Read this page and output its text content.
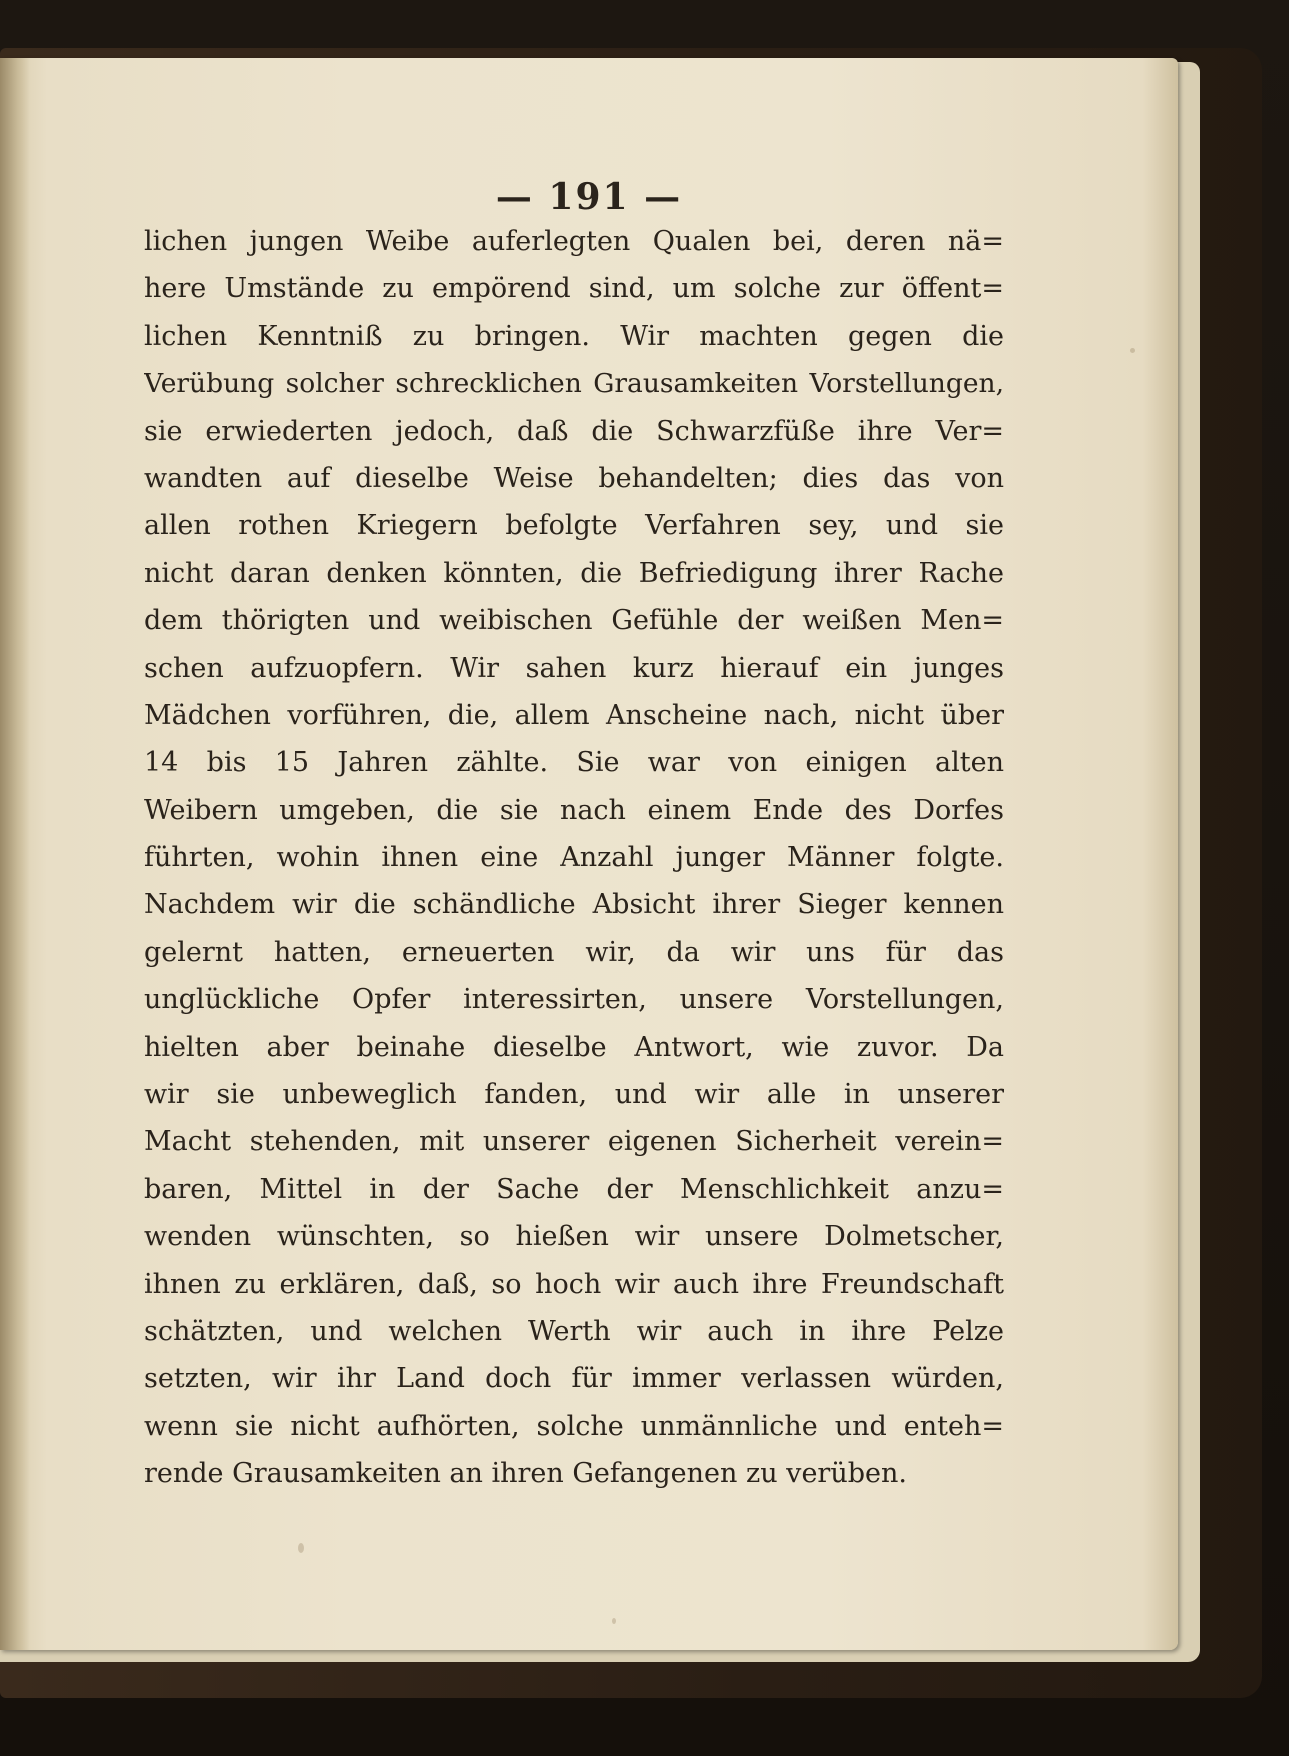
— 191 —
lichen jungen Weibe auferlegten Qualen bei, deren nä=
here Umstände zu empörend sind, um solche zur öffent=
lichen Kenntniß zu bringen. Wir machten gegen die
Verübung solcher schrecklichen Grausamkeiten Vorstellungen,
sie erwiederten jedoch, daß die Schwarzfüße ihre Ver=
wandten auf dieselbe Weise behandelten; dies das von
allen rothen Kriegern befolgte Verfahren sey, und sie
nicht daran denken könnten, die Befriedigung ihrer Rache
dem thörigten und weibischen Gefühle der weißen Men=
schen aufzuopfern. Wir sahen kurz hierauf ein junges
Mädchen vorführen, die, allem Anscheine nach, nicht über
14 bis 15 Jahren zählte. Sie war von einigen alten
Weibern umgeben, die sie nach einem Ende des Dorfes
führten, wohin ihnen eine Anzahl junger Männer folgte.
Nachdem wir die schändliche Absicht ihrer Sieger kennen
gelernt hatten, erneuerten wir, da wir uns für das
unglückliche Opfer interessirten, unsere Vorstellungen,
hielten aber beinahe dieselbe Antwort, wie zuvor. Da
wir sie unbeweglich fanden, und wir alle in unserer
Macht stehenden, mit unserer eigenen Sicherheit verein=
baren, Mittel in der Sache der Menschlichkeit anzu=
wenden wünschten, so hießen wir unsere Dolmetscher,
ihnen zu erklären, daß, so hoch wir auch ihre Freundschaft
schätzten, und welchen Werth wir auch in ihre Pelze
setzten, wir ihr Land doch für immer verlassen würden,
wenn sie nicht aufhörten, solche unmännliche und enteh=
rende Grausamkeiten an ihren Gefangenen zu verüben.
